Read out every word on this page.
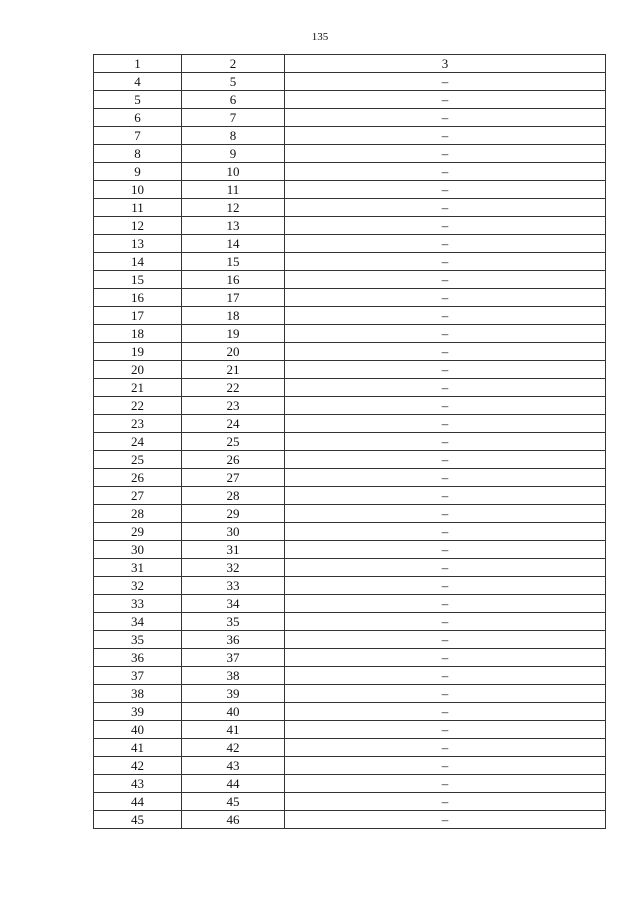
135
1	2	3
4	5	–
5	6	–
6	7	–
7	8	–
8	9	–
9	10	–
10	11	–
11	12	–
12	13	–
13	14	–
14	15	–
15	16	–
16	17	–
17	18	–
18	19	–
19	20	–
20	21	–
21	22	–
22	23	–
23	24	–
24	25	–
25	26	–
26	27	–
27	28	–
28	29	–
29	30	–
30	31	–
31	32	–
32	33	–
33	34	–
34	35	–
35	36	–
36	37	–
37	38	–
38	39	–
39	40	–
40	41	–
41	42	–
42	43	–
43	44	–
44	45	–
45	46	–
